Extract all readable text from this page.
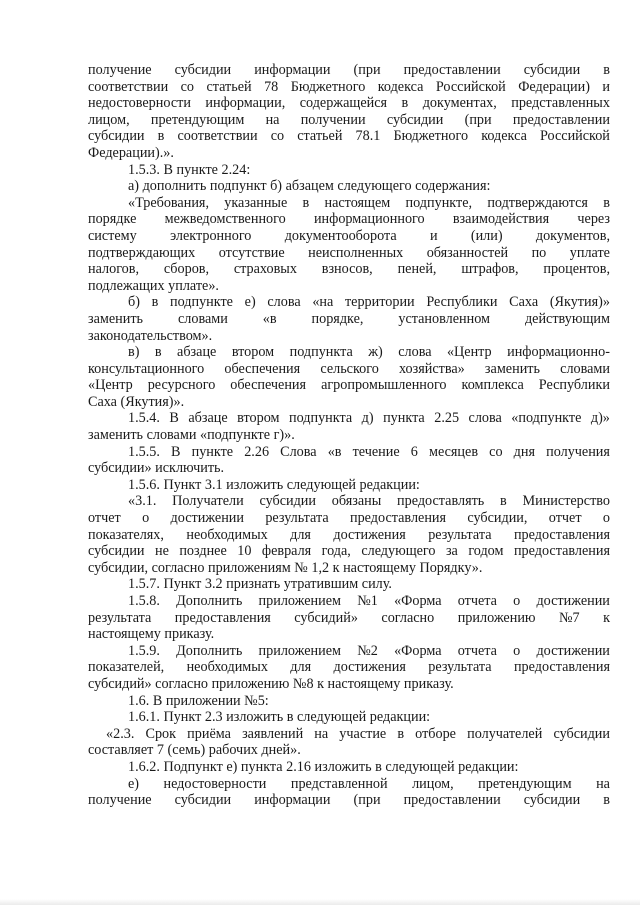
получение субсидии информации (при предоставлении субсидии в
соответствии со статьей 78 Бюджетного кодекса Российской Федерации) и
недостоверности информации, содержащейся в документах, представленных
лицом, претендующим на получении субсидии (при предоставлении
субсидии в соответствии со статьей 78.1 Бюджетного кодекса Российской
Федерации).».
1.5.3. В пункте 2.24:
а) дополнить подпункт б) абзацем следующего содержания:
«Требования, указанные в настоящем подпункте, подтверждаются в
порядке межведомственного информационного взаимодействия через
систему электронного документооборота и (или) документов,
подтверждающих отсутствие неисполненных обязанностей по уплате
налогов, сборов, страховых взносов, пеней, штрафов, процентов,
подлежащих уплате».
б) в подпункте е) слова «на территории Республики Саха (Якутия)»
заменить словами «в порядке, установленном действующим
законодательством».
в) в абзаце втором подпункта ж) слова «Центр информационно-
консультационного обеспечения сельского хозяйства» заменить словами
«Центр ресурсного обеспечения агропромышленного комплекса Республики
Саха (Якутия)».
1.5.4. В абзаце втором подпункта д) пункта 2.25 слова «подпункте д)»
заменить словами «подпункте г)».
1.5.5. В пункте 2.26 Слова «в течение 6 месяцев со дня получения
субсидии» исключить.
1.5.6. Пункт 3.1 изложить следующей редакции:
«3.1. Получатели субсидии обязаны предоставлять в Министерство
отчет о достижении результата предоставления субсидии, отчет о
показателях, необходимых для достижения результата предоставления
субсидии не позднее 10 февраля года, следующего за годом предоставления
субсидии, согласно приложениям № 1,2 к настоящему Порядку».
1.5.7. Пункт 3.2 признать утратившим силу.
1.5.8. Дополнить приложением №1 «Форма отчета о достижении
результата предоставления субсидий» согласно приложению №7 к
настоящему приказу.
1.5.9. Дополнить приложением №2 «Форма отчета о достижении
показателей, необходимых для достижения результата предоставления
субсидий» согласно приложению №8 к настоящему приказу.
1.6. В приложении №5:
1.6.1. Пункт 2.3 изложить в следующей редакции:
«2.3. Срок приёма заявлений на участие в отборе получателей субсидии
составляет 7 (семь) рабочих дней».
1.6.2. Подпункт е) пункта 2.16 изложить в следующей редакции:
е) недостоверности представленной лицом, претендующим на
получение субсидии информации (при предоставлении субсидии в
